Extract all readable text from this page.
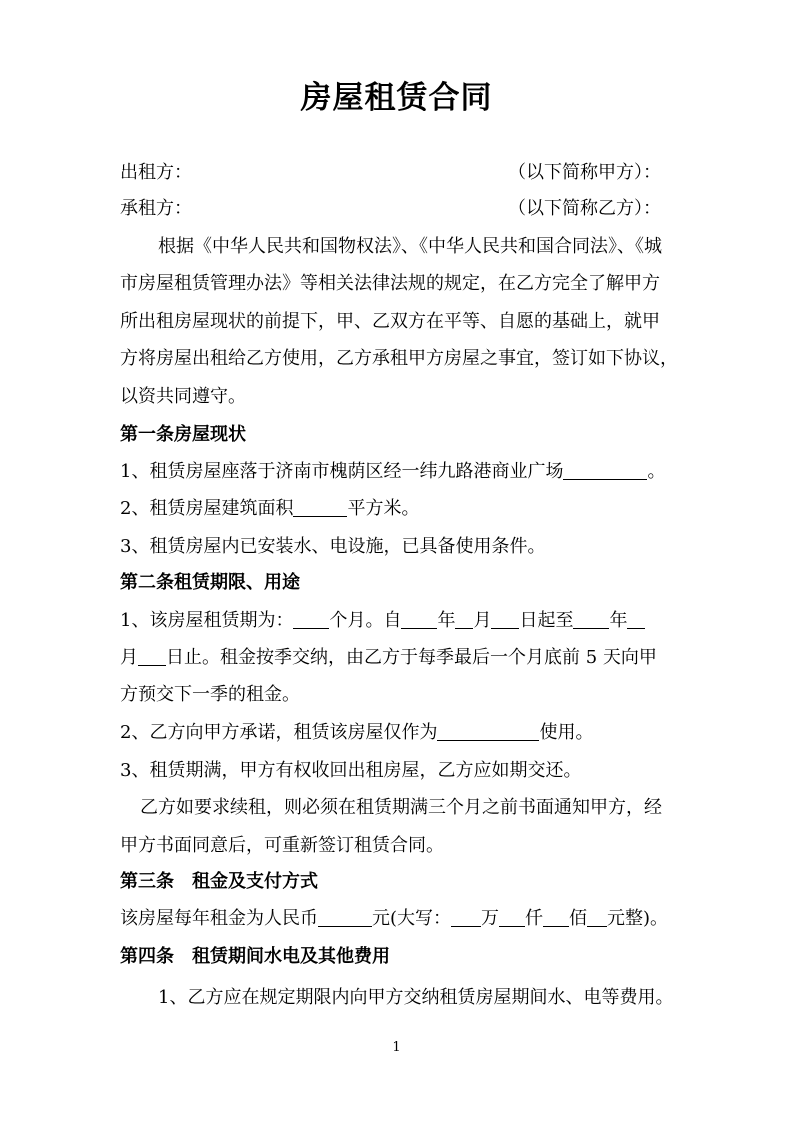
房屋租赁合同
出租方：	（以下简称甲方）：
承租方：	（以下简称乙方）：
根据《中华人民共和国物权法》、《中华人民共和国合同法》、《城
市房屋租赁管理办法》等相关法律法规的规定，在乙方完全了解甲方
所出租房屋现状的前提下，甲、乙双方在平等、自愿的基础上，就甲
方将房屋出租给乙方使用，乙方承租甲方房屋之事宜，签订如下协议，
以资共同遵守。
第一条房屋现状
1、租赁房屋座落于济南市槐荫区经一纬九路港商业广场	。
2、租赁房屋建筑面积	平方米。
3、租赁房屋内已安装水、电设施，已具备使用条件。
第二条租赁期限、用途
1、该房屋租赁期为： 个月。自 年 月 日起至 年
月 日止。租金按季交纳，由乙方于每季最后一个月底前 5 天向甲
方预交下一季的租金。
2、乙方向甲方承诺，租赁该房屋仅作为	使用。
3、租赁期满，甲方有权收回出租房屋，乙方应如期交还。
乙方如要求续租，则必须在租赁期满三个月之前书面通知甲方，经
甲方书面同意后，可重新签订租赁合同。
第三条　租金及支付方式
该房屋每年租金为人民币	元(大写： 万 仟 佰 元整)。
第四条　租赁期间水电及其他费用
1、乙方应在规定期限内向甲方交纳租赁房屋期间水、电等费用。
1
